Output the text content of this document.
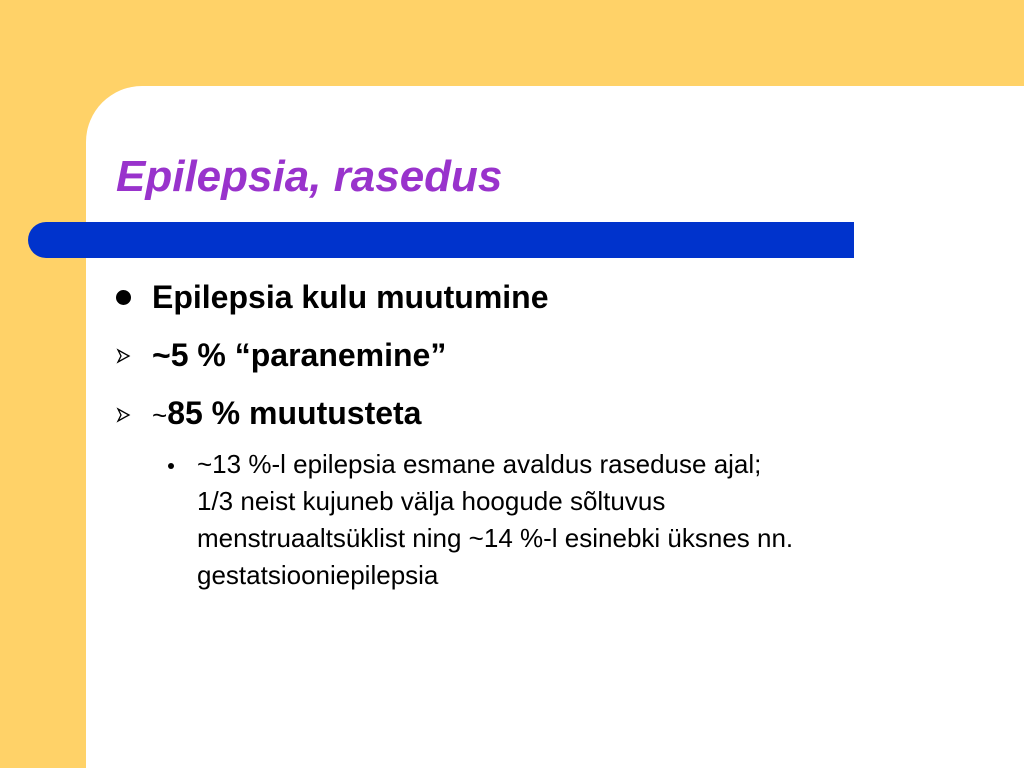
Epilepsia, rasedus
Epilepsia kulu muutumine
~5 % “paranemine”
~85 % muutusteta
~13 %-l epilepsia esmane avaldus raseduse ajal;
1/3 neist kujuneb välja hoogude sõltuvus
menstruaaltsüklist ning ~14 %-l esinebki üksnes nn.
gestatsiooniepilepsia
